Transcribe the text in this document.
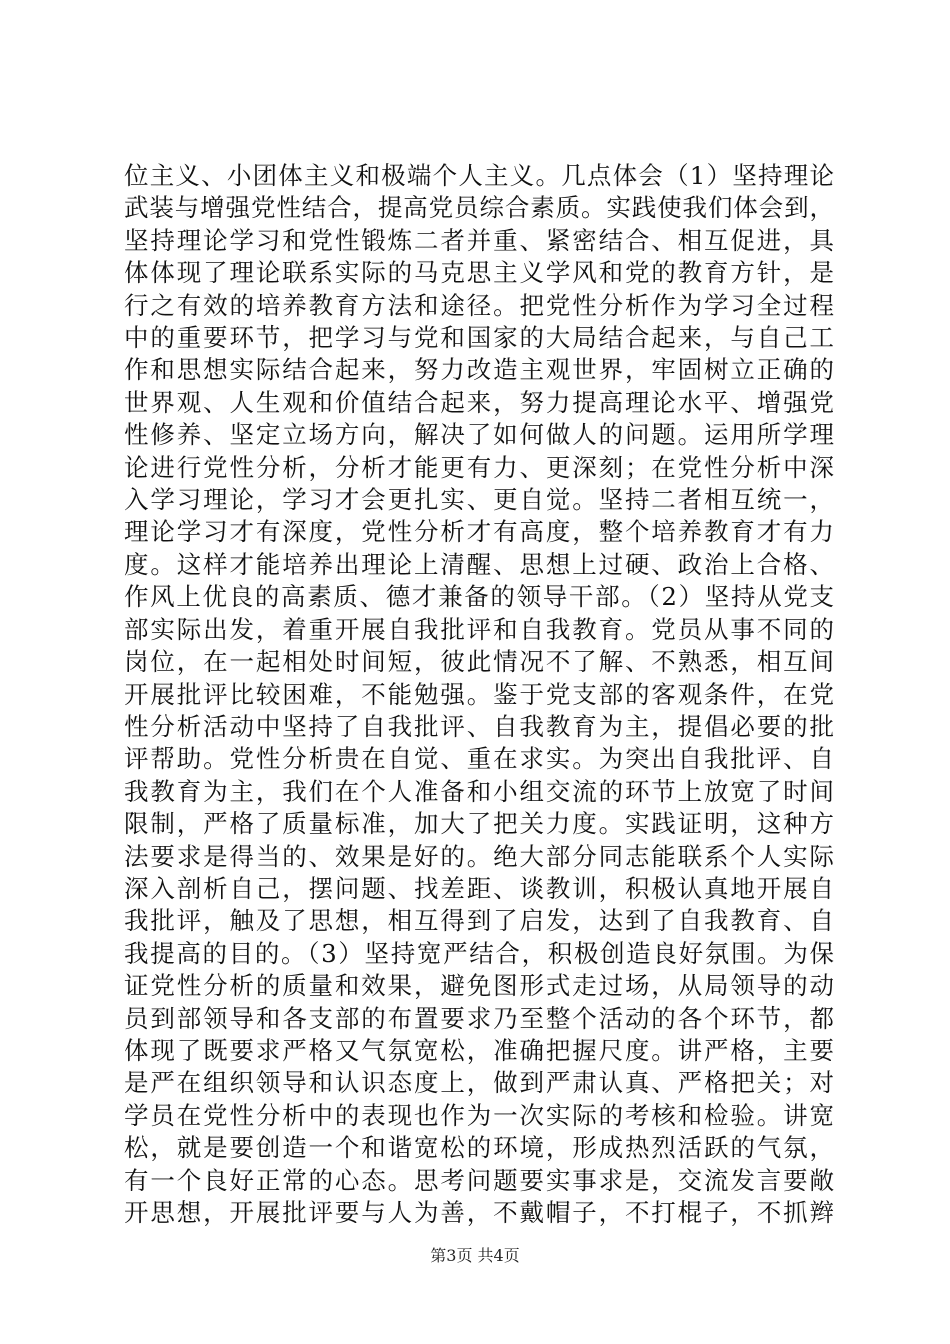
位主义、小团体主义和极端个人主义。几点体会（1）坚持理论
武装与增强党性结合，提高党员综合素质。实践使我们体会到，
坚持理论学习和党性锻炼二者并重、紧密结合、相互促进，具
体体现了理论联系实际的马克思主义学风和党的教育方针，是
行之有效的培养教育方法和途径。把党性分析作为学习全过程
中的重要环节，把学习与党和国家的大局结合起来，与自己工
作和思想实际结合起来，努力改造主观世界，牢固树立正确的
世界观、人生观和价值结合起来，努力提高理论水平、增强党
性修养、坚定立场方向，解决了如何做人的问题。运用所学理
论进行党性分析，分析才能更有力、更深刻；在党性分析中深
入学习理论，学习才会更扎实、更自觉。坚持二者相互统一，
理论学习才有深度，党性分析才有高度，整个培养教育才有力
度。这样才能培养出理论上清醒、思想上过硬、政治上合格、
作风上优良的高素质、德才兼备的领导干部。（2）坚持从党支
部实际出发，着重开展自我批评和自我教育。党员从事不同的
岗位，在一起相处时间短，彼此情况不了解、不熟悉，相互间
开展批评比较困难，不能勉强。鉴于党支部的客观条件，在党
性分析活动中坚持了自我批评、自我教育为主，提倡必要的批
评帮助。党性分析贵在自觉、重在求实。为突出自我批评、自
我教育为主，我们在个人准备和小组交流的环节上放宽了时间
限制，严格了质量标准，加大了把关力度。实践证明，这种方
法要求是得当的、效果是好的。绝大部分同志能联系个人实际
深入剖析自己，摆问题、找差距、谈教训，积极认真地开展自
我批评，触及了思想，相互得到了启发，达到了自我教育、自
我提高的目的。（3）坚持宽严结合，积极创造良好氛围。为保
证党性分析的质量和效果，避免图形式走过场，从局领导的动
员到部领导和各支部的布置要求乃至整个活动的各个环节，都
体现了既要求严格又气氛宽松，准确把握尺度。讲严格，主要
是严在组织领导和认识态度上，做到严肃认真、严格把关；对
学员在党性分析中的表现也作为一次实际的考核和检验。讲宽
松，就是要创造一个和谐宽松的环境，形成热烈活跃的气氛，
有一个良好正常的心态。思考问题要实事求是，交流发言要敞
开思想，开展批评要与人为善，不戴帽子，不打棍子，不抓辫
第3页 共4页
